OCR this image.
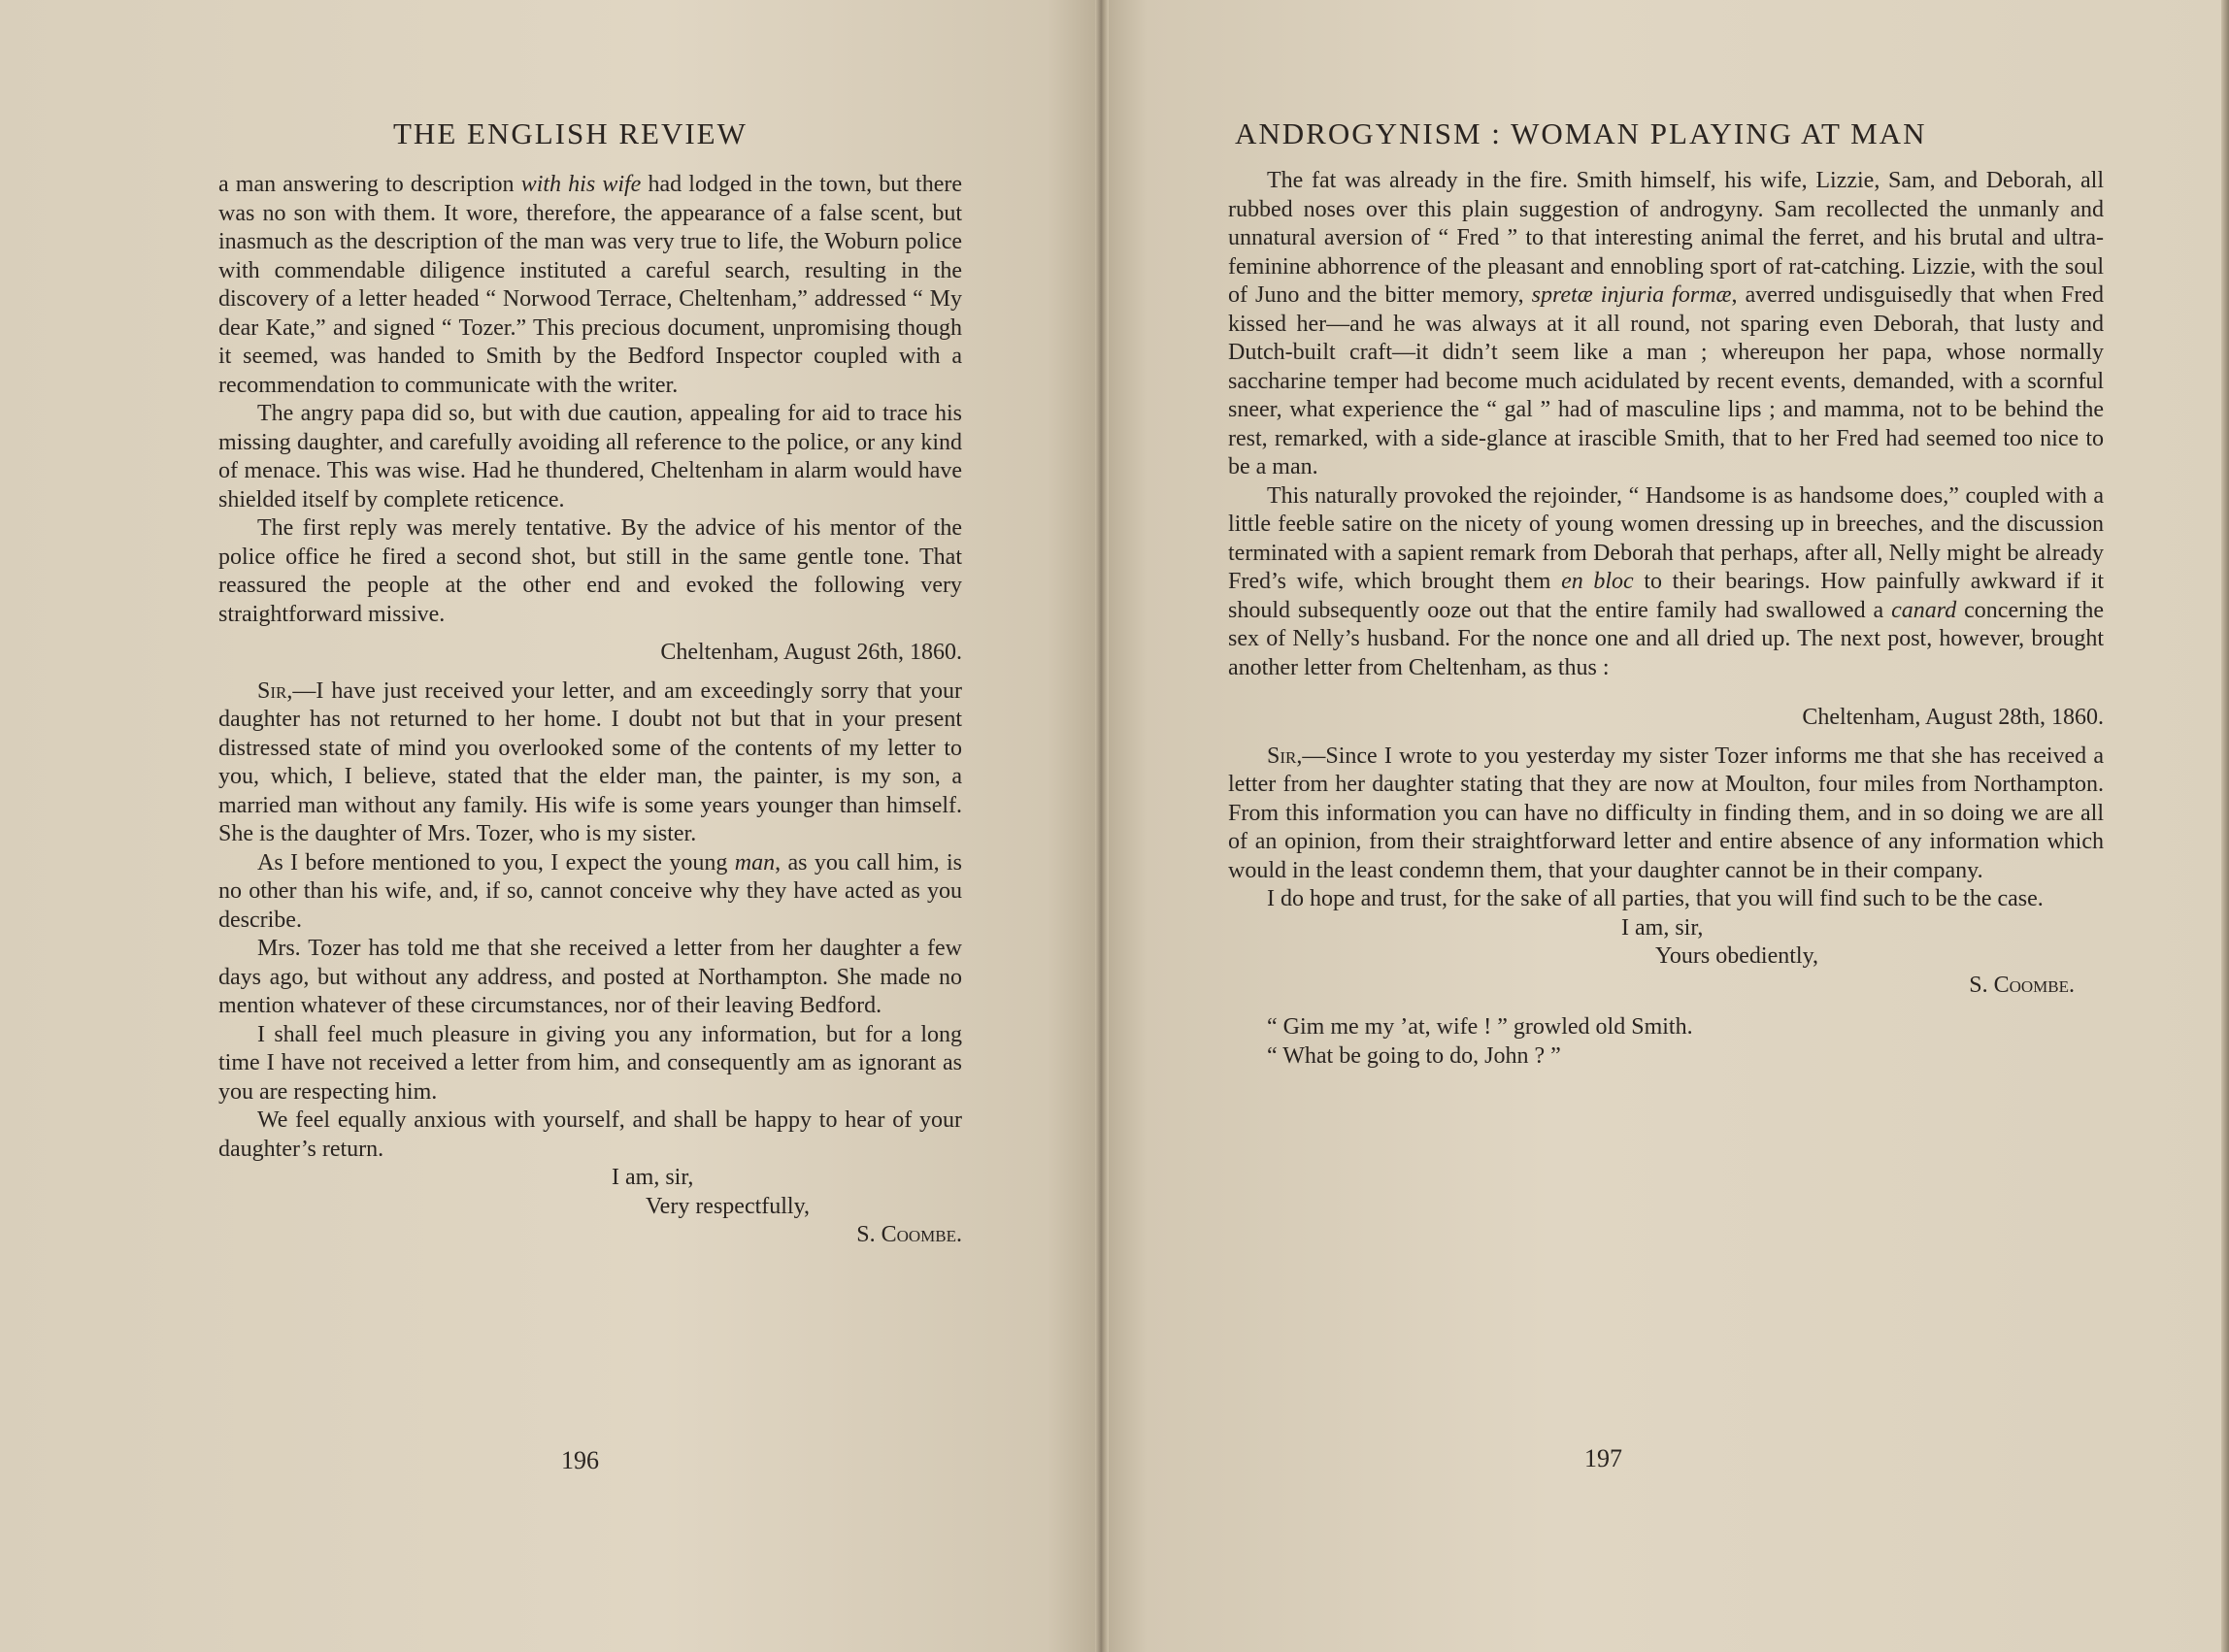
THE ENGLISH REVIEW

a man answering to description with his wife had lodged in the town, but there was no son with them. It wore, therefore, the appearance of a false scent, but inasmuch as the description of the man was very true to life, the Woburn police with commendable diligence instituted a careful search, resulting in the discovery of a letter headed “ Norwood Terrace, Cheltenham,” addressed “ My dear Kate,” and signed “ Tozer.” This precious document, unpromising though it seemed, was handed to Smith by the Bedford Inspector coupled with a recommendation to communicate with the writer.

The angry papa did so, but with due caution, appealing for aid to trace his missing daughter, and carefully avoiding all reference to the police, or any kind of menace. This was wise. Had he thundered, Cheltenham in alarm would have shielded itself by complete reticence.

The first reply was merely tentative. By the advice of his mentor of the police office he fired a second shot, but still in the same gentle tone. That reassured the people at the other end and evoked the following very straightforward missive.

Cheltenham, August 26th, 1860.

Sir,—I have just received your letter, and am exceedingly sorry that your daughter has not returned to her home. I doubt not but that in your present distressed state of mind you overlooked some of the contents of my letter to you, which, I believe, stated that the elder man, the painter, is my son, a married man without any family. His wife is some years younger than himself. She is the daughter of Mrs. Tozer, who is my sister.

As I before mentioned to you, I expect the young man, as you call him, is no other than his wife, and, if so, cannot conceive why they have acted as you describe.

Mrs. Tozer has told me that she received a letter from her daughter a few days ago, but without any address, and posted at Northampton. She made no mention whatever of these circumstances, nor of their leaving Bedford.

I shall feel much pleasure in giving you any information, but for a long time I have not received a letter from him, and consequently am as ignorant as you are respecting him.

We feel equally anxious with yourself, and shall be happy to hear of your daughter’s return.

I am, sir,

Very respectfully,

S. Coombe.

196
ANDROGYNISM : WOMAN PLAYING AT MAN

The fat was already in the fire. Smith himself, his wife, Lizzie, Sam, and Deborah, all rubbed noses over this plain suggestion of androgyny. Sam recollected the unmanly and unnatural aversion of “ Fred ” to that interesting animal the ferret, and his brutal and ultra-feminine abhorrence of the pleasant and ennobling sport of rat-catching. Lizzie, with the soul of Juno and the bitter memory, spretæ injuria formæ, averred undisguisedly that when Fred kissed her—and he was always at it all round, not sparing even Deborah, that lusty and Dutch-built craft—it didn’t seem like a man ; whereupon her papa, whose normally saccharine temper had become much acidulated by recent events, demanded, with a scornful sneer, what experience the “ gal ” had of masculine lips ; and mamma, not to be behind the rest, remarked, with a side-glance at irascible Smith, that to her Fred had seemed too nice to be a man.

This naturally provoked the rejoinder, “ Handsome is as handsome does,” coupled with a little feeble satire on the nicety of young women dressing up in breeches, and the discussion terminated with a sapient remark from Deborah that perhaps, after all, Nelly might be already Fred’s wife, which brought them en bloc to their bearings. How painfully awkward if it should subsequently ooze out that the entire family had swallowed a canard concerning the sex of Nelly’s husband. For the nonce one and all dried up. The next post, however, brought another letter from Cheltenham, as thus :

Cheltenham, August 28th, 1860.

Sir,—Since I wrote to you yesterday my sister Tozer informs me that she has received a letter from her daughter stating that they are now at Moulton, four miles from Northampton. From this information you can have no difficulty in finding them, and in so doing we are all of an opinion, from their straightforward letter and entire absence of any information which would in the least condemn them, that your daughter cannot be in their company.

I do hope and trust, for the sake of all parties, that you will find such to be the case.

I am, sir,

Yours obediently,

S. Coombe.

“ Gim me my ’at, wife ! ” growled old Smith.

“ What be going to do, John ? ”

197
